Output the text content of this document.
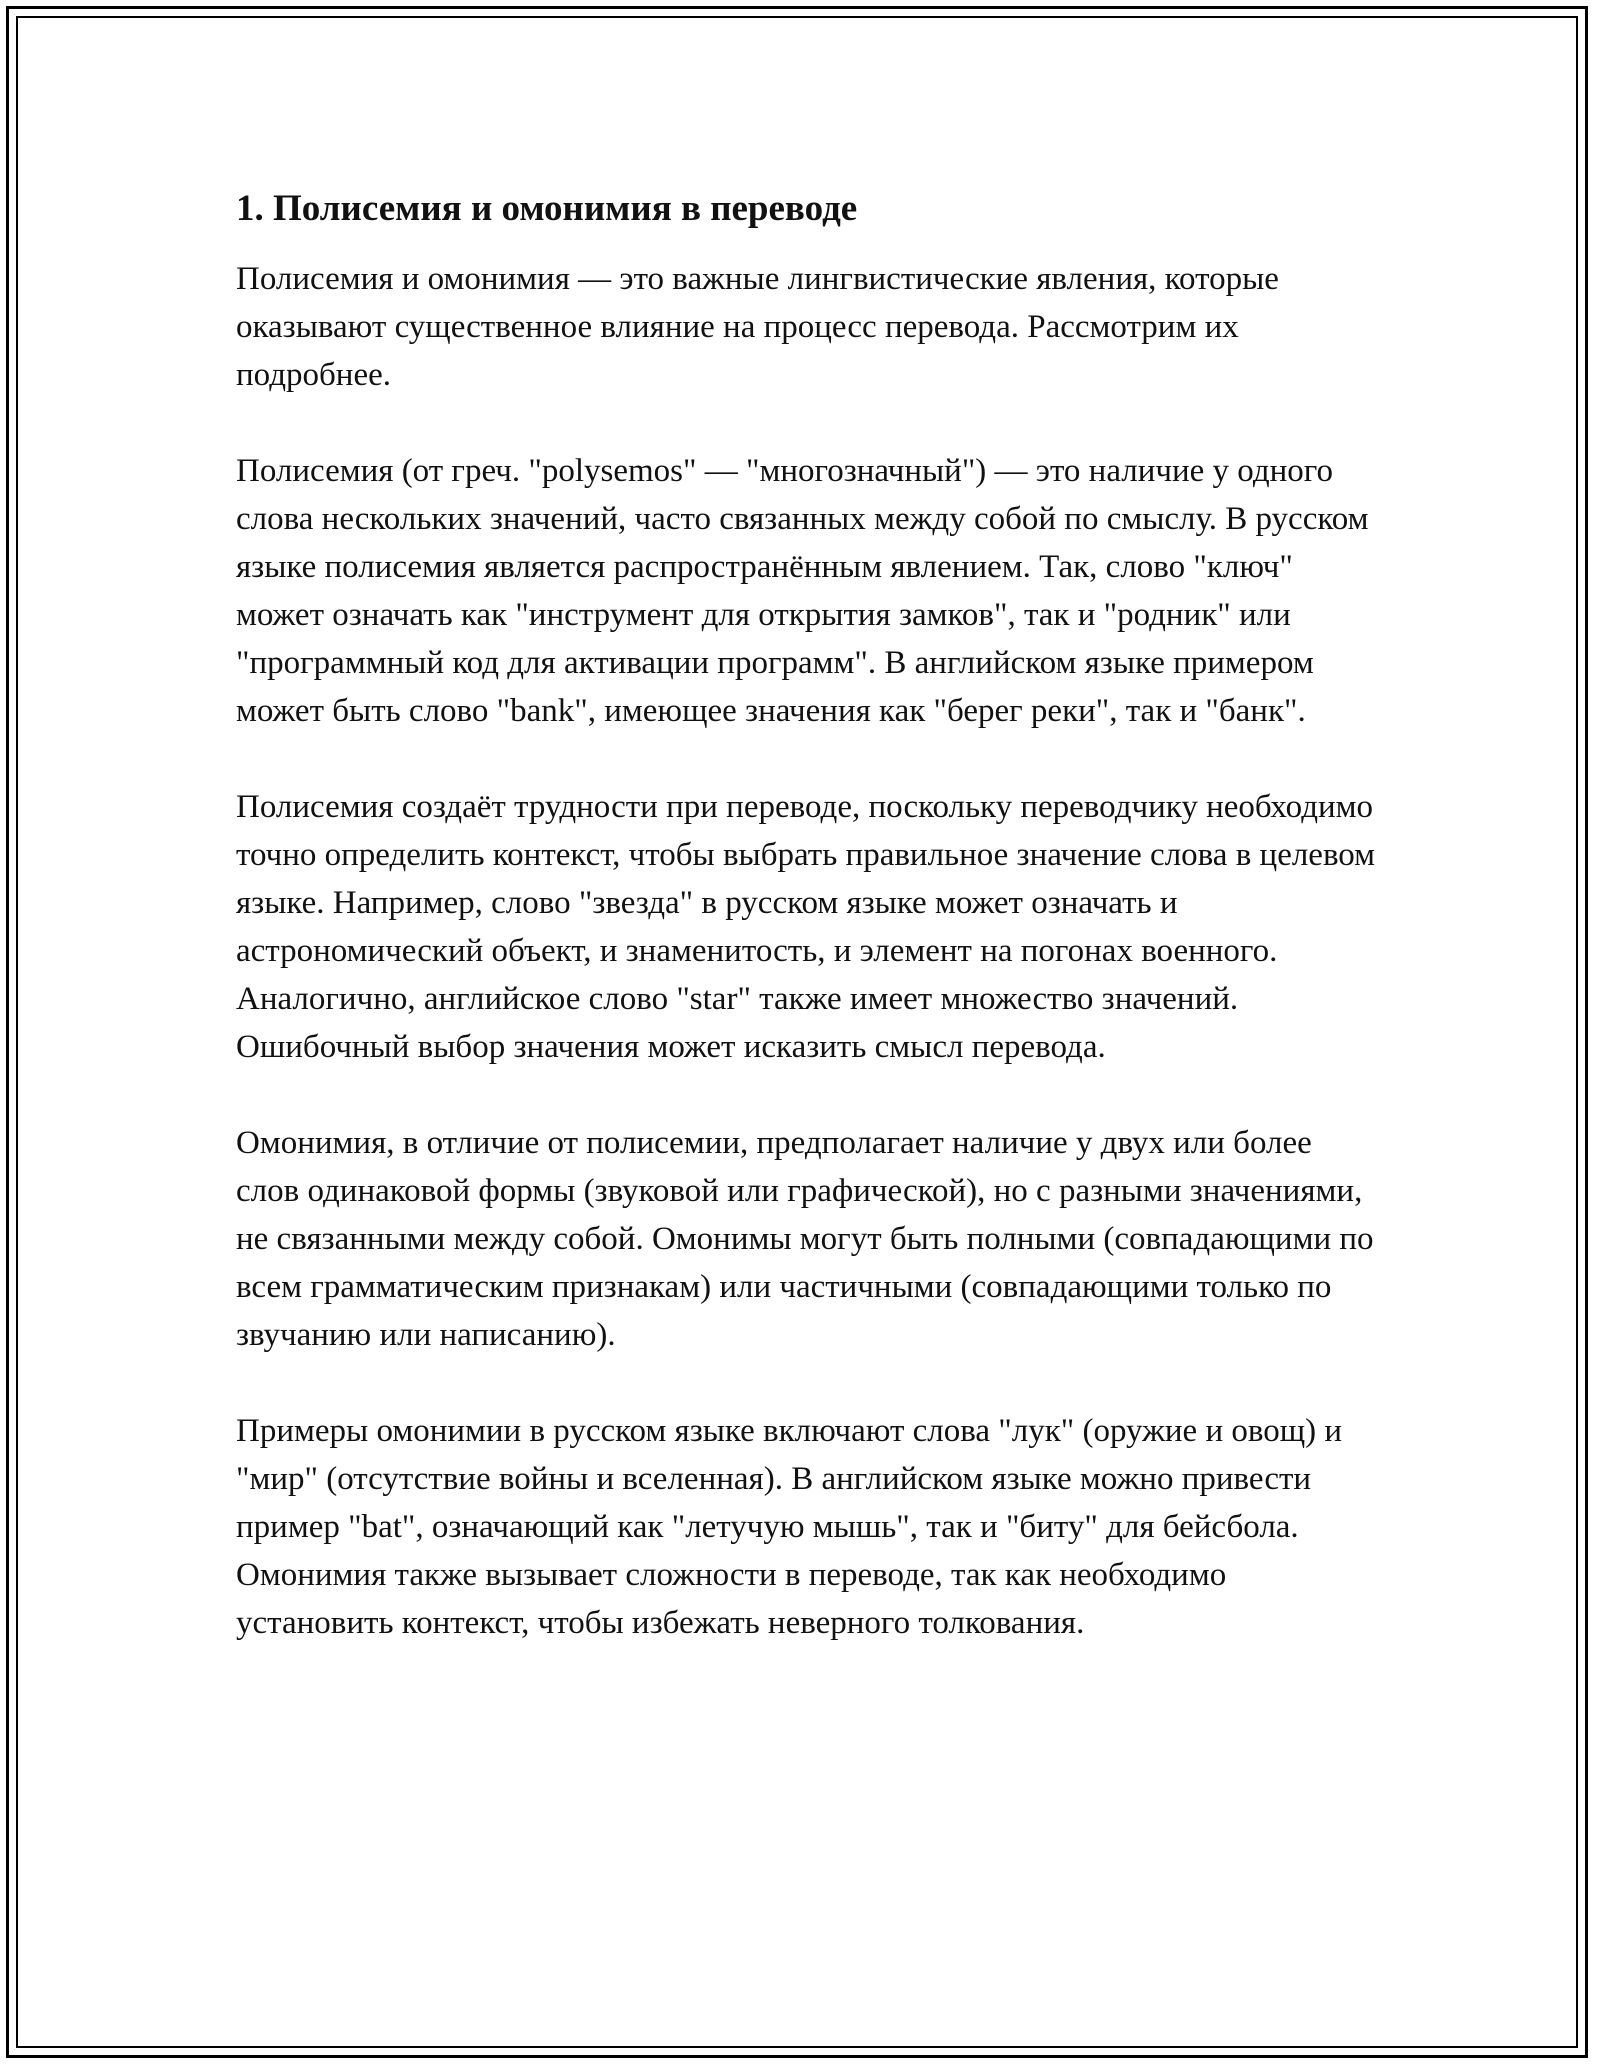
1. Полисемия и омонимия в переводе

Полисемия и омонимия — это важные лингвистические явления, которые оказывают существенное влияние на процесс перевода. Рассмотрим их подробнее.

Полисемия (от греч. "polysemos" — "многозначный") — это наличие у одного слова нескольких значений, часто связанных между собой по смыслу. В русском языке полисемия является распространённым явлением. Так, слово "ключ" может означать как "инструмент для открытия замков", так и "родник" или "программный код для активации программ". В английском языке примером может быть слово "bank", имеющее значения как "берег реки", так и "банк".

Полисемия создаёт трудности при переводе, поскольку переводчику необходимо точно определить контекст, чтобы выбрать правильное значение слова в целевом языке. Например, слово "звезда" в русском языке может означать и астрономический объект, и знаменитость, и элемент на погонах военного. Аналогично, английское слово "star" также имеет множество значений. Ошибочный выбор значения может исказить смысл перевода.

Омонимия, в отличие от полисемии, предполагает наличие у двух или более слов одинаковой формы (звуковой или графической), но с разными значениями, не связанными между собой. Омонимы могут быть полными (совпадающими по всем грамматическим признакам) или частичными (совпадающими только по звучанию или написанию).

Примеры омонимии в русском языке включают слова "лук" (оружие и овощ) и "мир" (отсутствие войны и вселенная). В английском языке можно привести пример "bat", означающий как "летучую мышь", так и "биту" для бейсбола. Омонимия также вызывает сложности в переводе, так как необходимо установить контекст, чтобы избежать неверного толкования.
